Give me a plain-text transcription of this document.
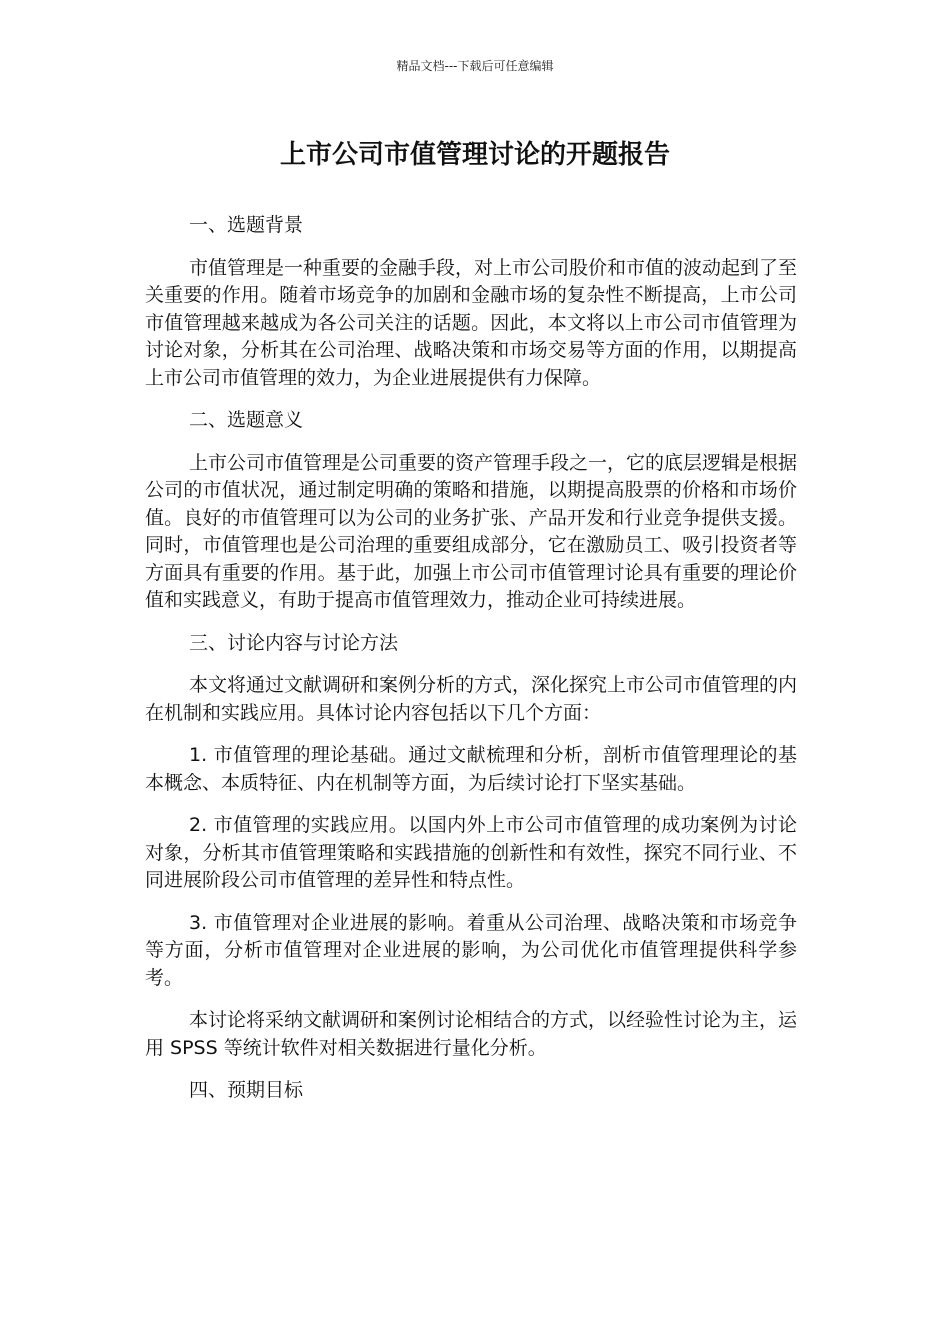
精品文档---下载后可任意编辑
上市公司市值管理讨论的开题报告

一、选题背景

市值管理是一种重要的金融手段，对上市公司股价和市值的波动起到了至关重要的作用。随着市场竞争的加剧和金融市场的复杂性不断提高，上市公司市值管理越来越成为各公司关注的话题。因此，本文将以上市公司市值管理为讨论对象，分析其在公司治理、战略决策和市场交易等方面的作用，以期提高上市公司市值管理的效力，为企业进展提供有力保障。

二、选题意义

上市公司市值管理是公司重要的资产管理手段之一，它的底层逻辑是根据公司的市值状况，通过制定明确的策略和措施，以期提高股票的价格和市场价值。良好的市值管理可以为公司的业务扩张、产品开发和行业竞争提供支援。同时，市值管理也是公司治理的重要组成部分，它在激励员工、吸引投资者等方面具有重要的作用。基于此，加强上市公司市值管理讨论具有重要的理论价值和实践意义，有助于提高市值管理效力，推动企业可持续进展。

三、讨论内容与讨论方法

本文将通过文献调研和案例分析的方式，深化探究上市公司市值管理的内在机制和实践应用。具体讨论内容包括以下几个方面：

1. 市值管理的理论基础。通过文献梳理和分析，剖析市值管理理论的基本概念、本质特征、内在机制等方面，为后续讨论打下坚实基础。

2. 市值管理的实践应用。以国内外上市公司市值管理的成功案例为讨论对象，分析其市值管理策略和实践措施的创新性和有效性，探究不同行业、不同进展阶段公司市值管理的差异性和特点性。

3. 市值管理对企业进展的影响。着重从公司治理、战略决策和市场竞争等方面，分析市值管理对企业进展的影响，为公司优化市值管理提供科学参考。

本讨论将采纳文献调研和案例讨论相结合的方式，以经验性讨论为主，运用 SPSS 等统计软件对相关数据进行量化分析。

四、预期目标
